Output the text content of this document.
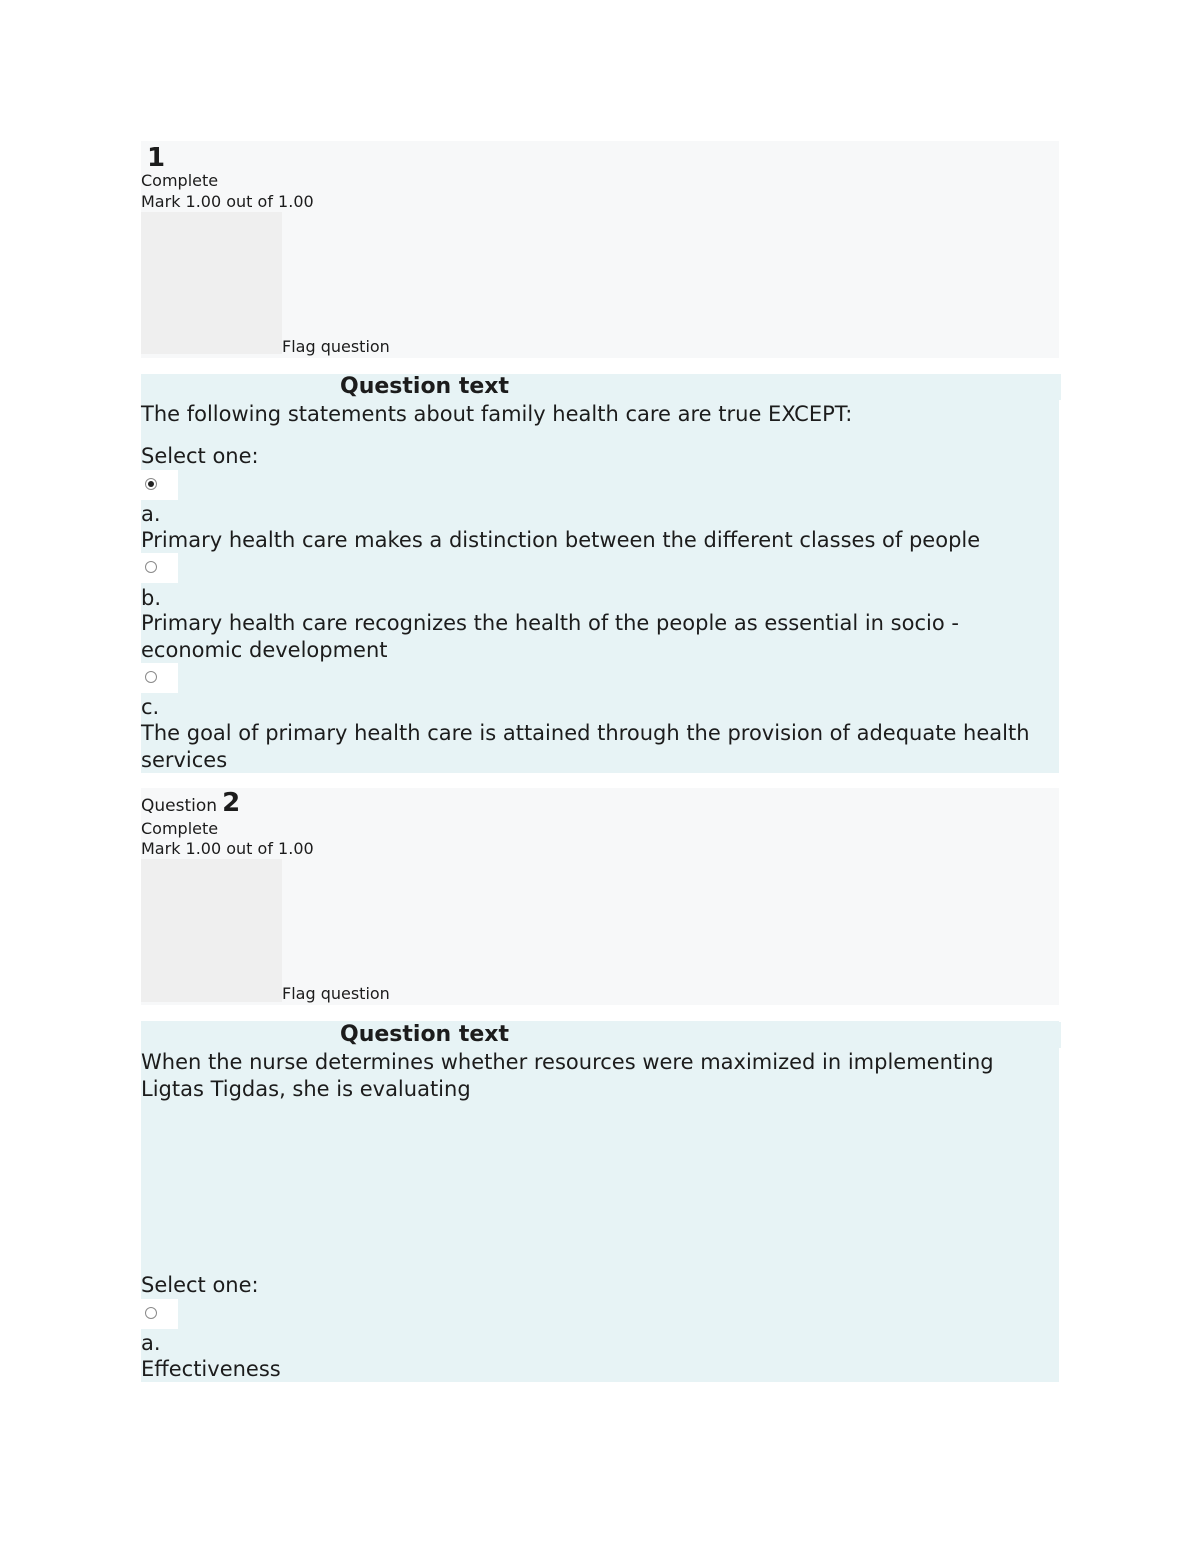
1
Complete
Mark 1.00 out of 1.00
Flag question
Question text
The following statements about family health care are true EXCEPT:
Select one:
a.
Primary health care makes a distinction between the different classes of people
b.
Primary health care recognizes the health of the people as essential in socio - economic development
c.
The goal of primary health care is attained through the provision of adequate health services
Question 2
Complete
Mark 1.00 out of 1.00
Flag question
Question text
When the nurse determines whether resources were maximized in implementing Ligtas Tigdas, she is evaluating
Select one:
a.
Effectiveness
